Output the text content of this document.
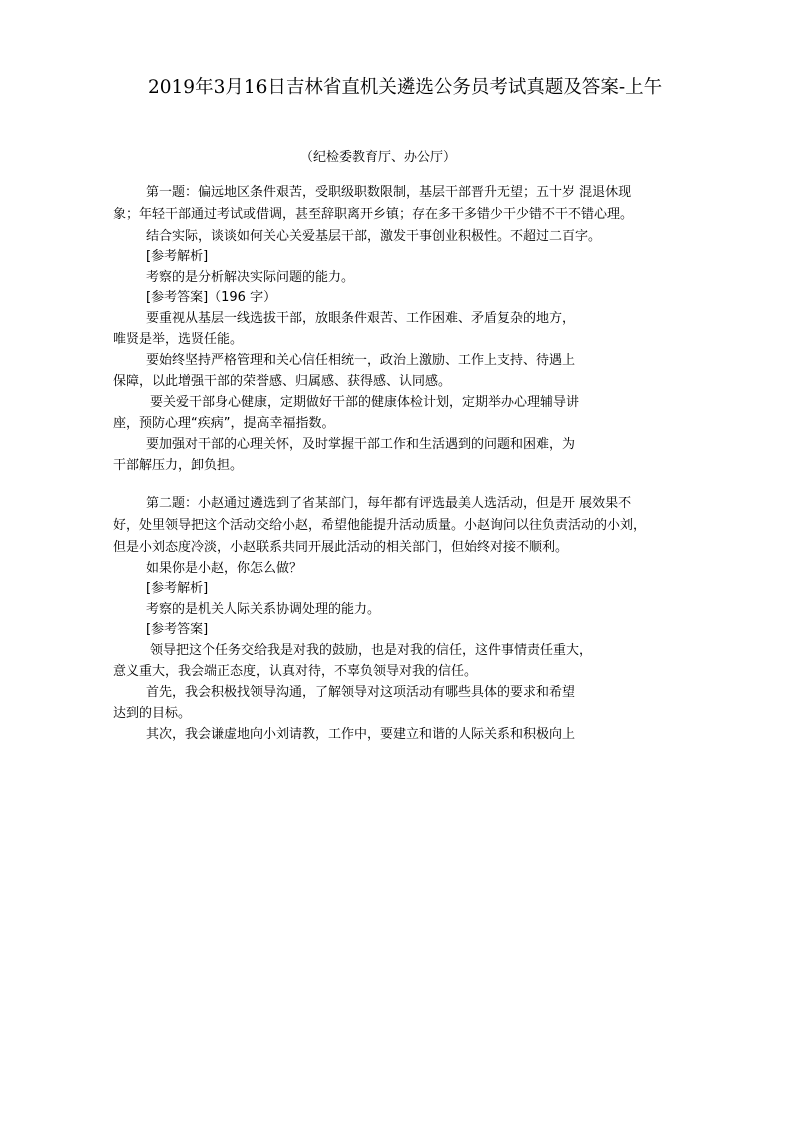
2019年3月16日吉林省直机关遴选公务员考试真题及答案-上午
（纪检委教育厅、办公厅）
第一题：偏远地区条件艰苦，受职级职数限制，基层干部晋升无望；五十岁 混退休现
象；年轻干部通过考试或借调，甚至辞职离开乡镇；存在多干多错少干少错不干不错心理。
结合实际，谈谈如何关心关爱基层干部，激发干事创业积极性。不超过二百字。
[参考解析]
考察的是分析解决实际问题的能力。
[参考答案]（196 字）
要重视从基层一线选拔干部，放眼条件艰苦、工作困难、矛盾复杂的地方，
唯贤是举，选贤任能。
要始终坚持严格管理和关心信任相统一，政治上激励、工作上支持、待遇上
保障，以此增强干部的荣誉感、归属感、获得感、认同感。
要关爱干部身心健康，定期做好干部的健康体检计划，定期举办心理辅导讲
座，预防心理“疾病”，提高幸福指数。
要加强对干部的心理关怀，及时掌握干部工作和生活遇到的问题和困难，为
干部解压力，卸负担。
第二题：小赵通过遴选到了省某部门，每年都有评选最美人选活动，但是开 展效果不
好，处里领导把这个活动交给小赵，希望他能提升活动质量。小赵询问以往负责活动的小刘，
但是小刘态度冷淡，小赵联系共同开展此活动的相关部门，但始终对接不顺利。
如果你是小赵，你怎么做？
[参考解析]
考察的是机关人际关系协调处理的能力。
[参考答案]
领导把这个任务交给我是对我的鼓励，也是对我的信任，这件事情责任重大，
意义重大，我会端正态度，认真对待，不辜负领导对我的信任。
首先，我会积极找领导沟通，了解领导对这项活动有哪些具体的要求和希望
达到的目标。
其次，我会谦虚地向小刘请教，工作中，要建立和谐的人际关系和积极向上
